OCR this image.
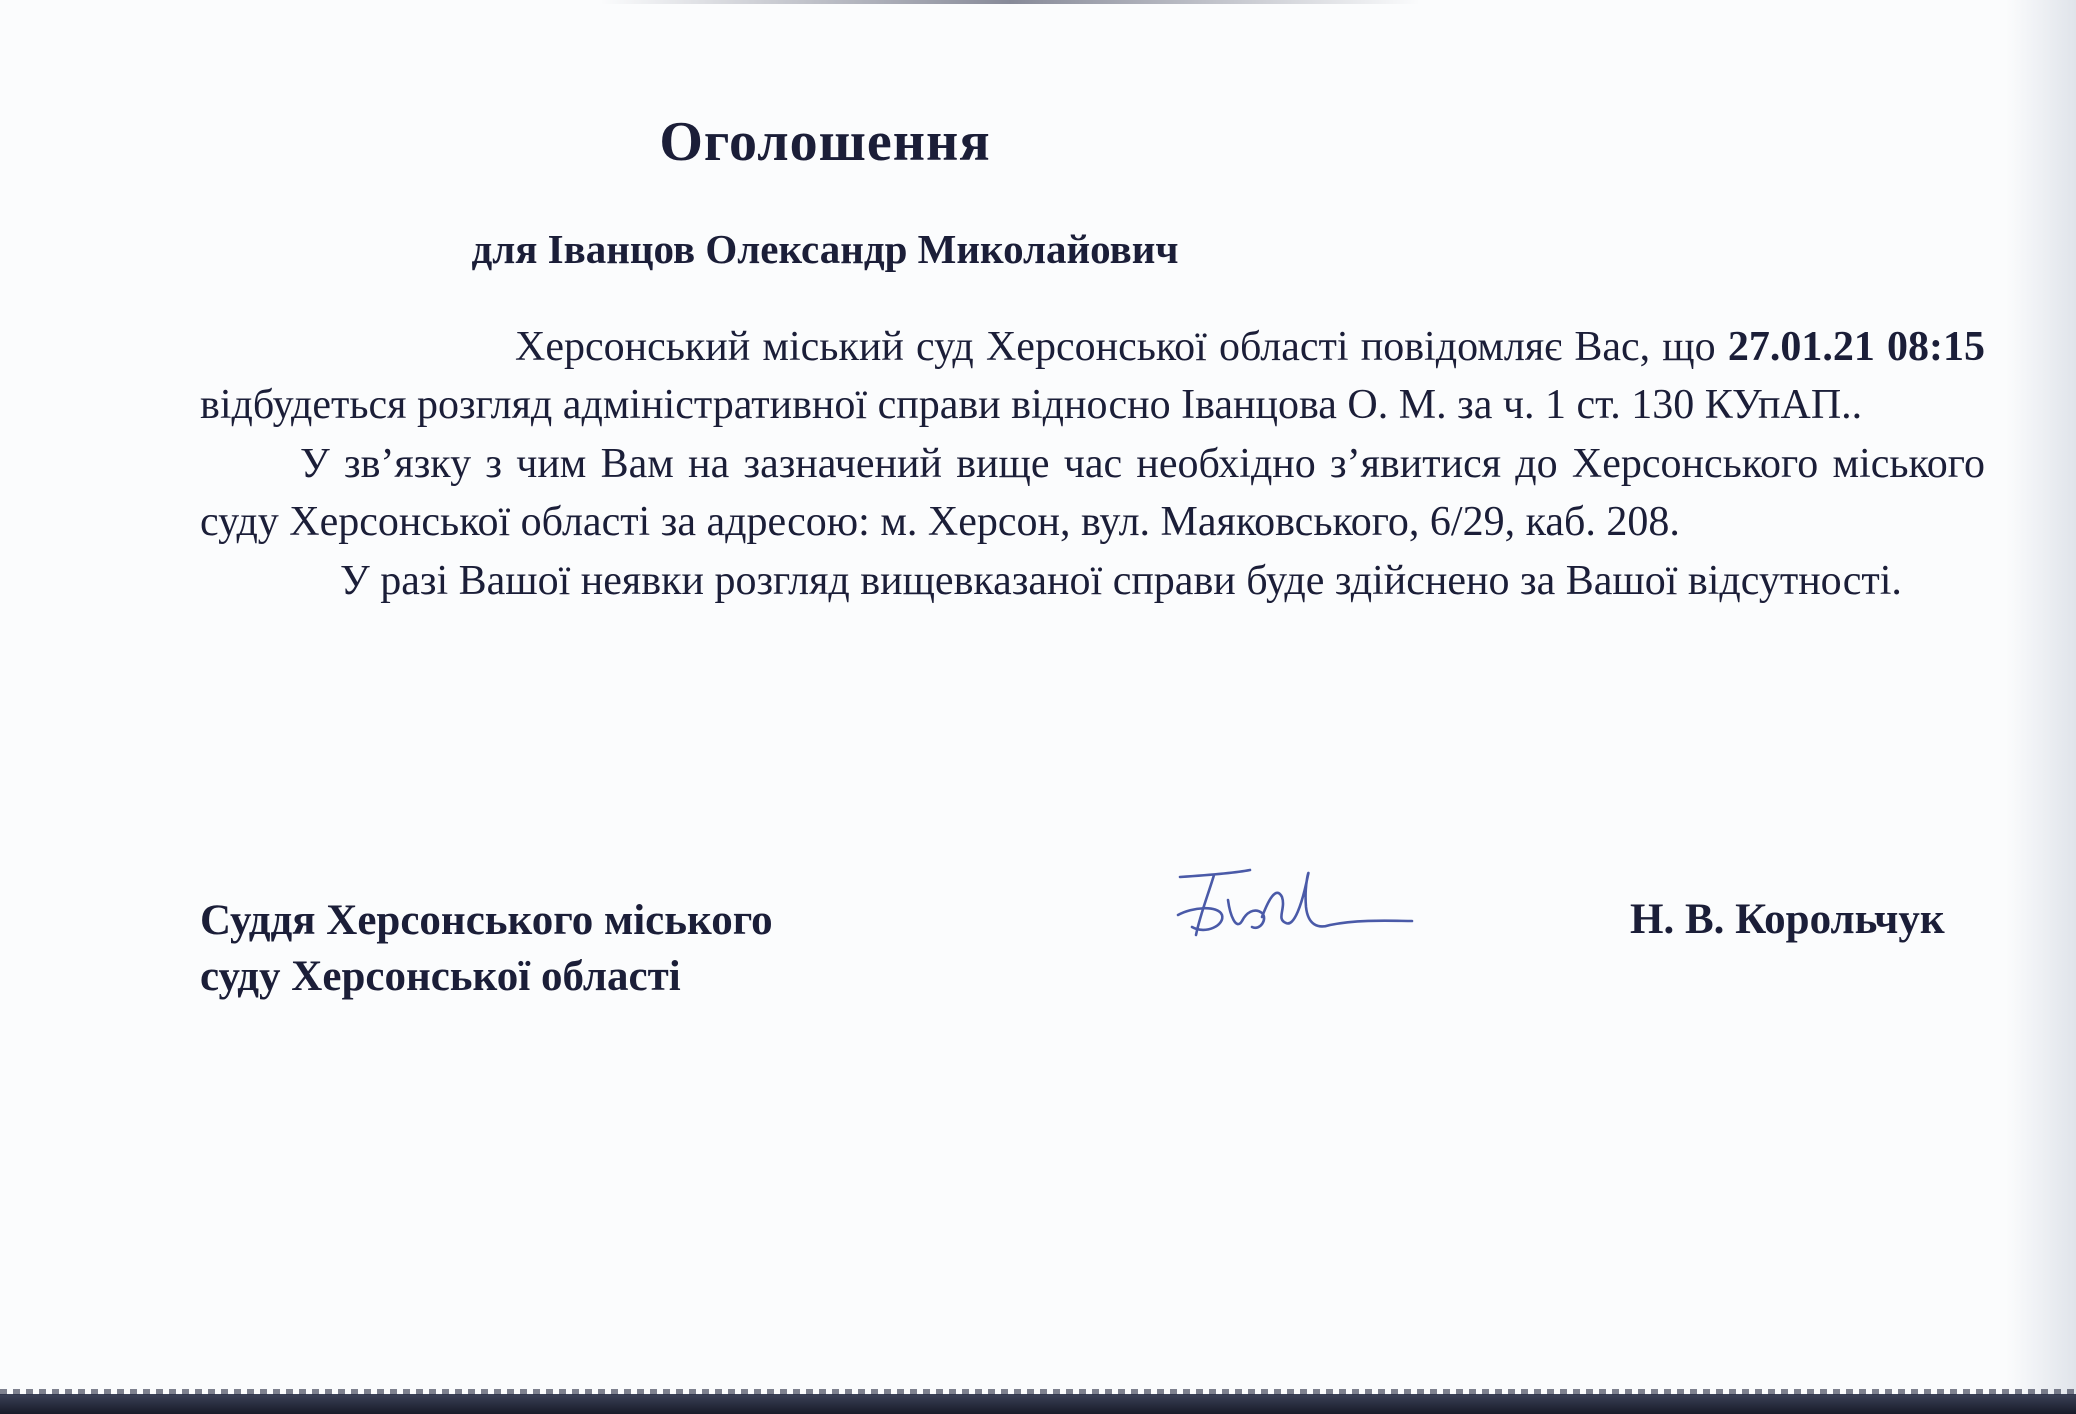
Оголошення
для Іванцов Олександр Миколайович

Херсонський міський суд Херсонської області повідомляє Вас, що 27.01.21 08:15 відбудеться розгляд адміністративної справи відносно Іванцова О. М. за ч. 1 ст. 130 КУпАП..

У зв’язку з чим Вам на зазначений вище час необхідно з’явитися до Херсонського міського суду Херсонської області за адресою: м. Херсон, вул. Маяковського, 6/29, каб. 208.

У разі Вашої неявки розгляд вищевказаної справи буде здійснено за Вашої відсутності.

Суддя Херсонського міського
суду Херсонської області
Н. В. Корольчук
